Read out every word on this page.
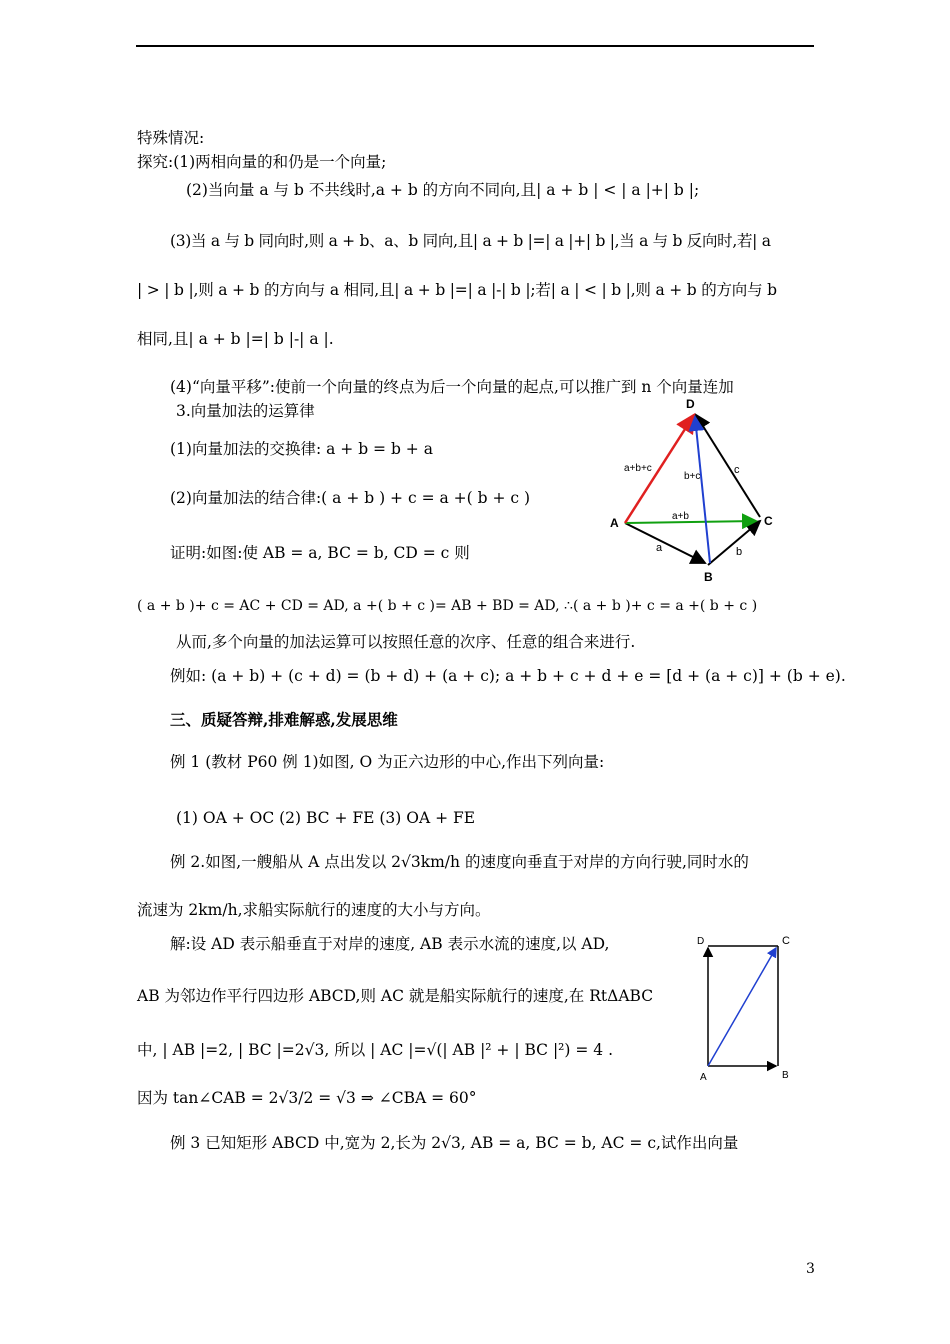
特殊情况:
探究:(1)两相向量的和仍是一个向量;
(2)当向量 a 与 b 不共线时,a + b 的方向不同向,且| a + b | < | a |+| b |;
(3)当 a 与 b 同向时,则 a + b、a、b 同向,且| a + b |=| a |+| b |,当 a 与 b 反向时,若| a
| > | b |,则 a + b 的方向与 a 相同,且| a + b |=| a |-| b |;若| a | < | b |,则 a + b 的方向与 b
相同,且| a + b |=| b |-| a |.
(4)“向量平移”:使前一个向量的终点为后一个向量的起点,可以推广到 n 个向量连加
3.向量加法的运算律
(1)向量加法的交换律: a + b = b + a
(2)向量加法的结合律:( a + b ) + c = a +( b + c )
证明:如图:使 AB = a, BC = b, CD = c 则
( a + b )+ c = AC + CD = AD, a +( b + c )= AB + BD = AD, ∴( a + b )+ c = a +( b + c )
从而,多个向量的加法运算可以按照任意的次序、任意的组合来进行.
例如: (a + b) + (c + d) = (b + d) + (a + c); a + b + c + d + e = [d + (a + c)] + (b + e).
三、质疑答辩,排难解惑,发展思维
例 1 (教材 P60 例 1)如图, O 为正六边形的中心,作出下列向量:
(1) OA + OC (2) BC + FE (3) OA + FE
例 2.如图,一艘船从 A 点出发以 2√3km/h 的速度向垂直于对岸的方向行驶,同时水的
流速为 2km/h,求船实际航行的速度的大小与方向。
解:设 AD 表示船垂直于对岸的速度, AB 表示水流的速度,以 AD,
AB 为邻边作平行四边形 ABCD,则 AC 就是船实际航行的速度,在 RtΔABC
中, | AB |=2, | BC |=2√3, 所以 | AC |=√(| AB |² + | BC |²) = 4 .
因为 tan∠CAB = 2√3/2 = √3 ⇒ ∠CBA = 60°
例 3 已知矩形 ABCD 中,宽为 2,长为 2√3, AB = a, BC = b, AC = c,试作出向量
D
A	C
B
a+b+c
b+c
c
a+b
a	b
D	C
A	B
3
